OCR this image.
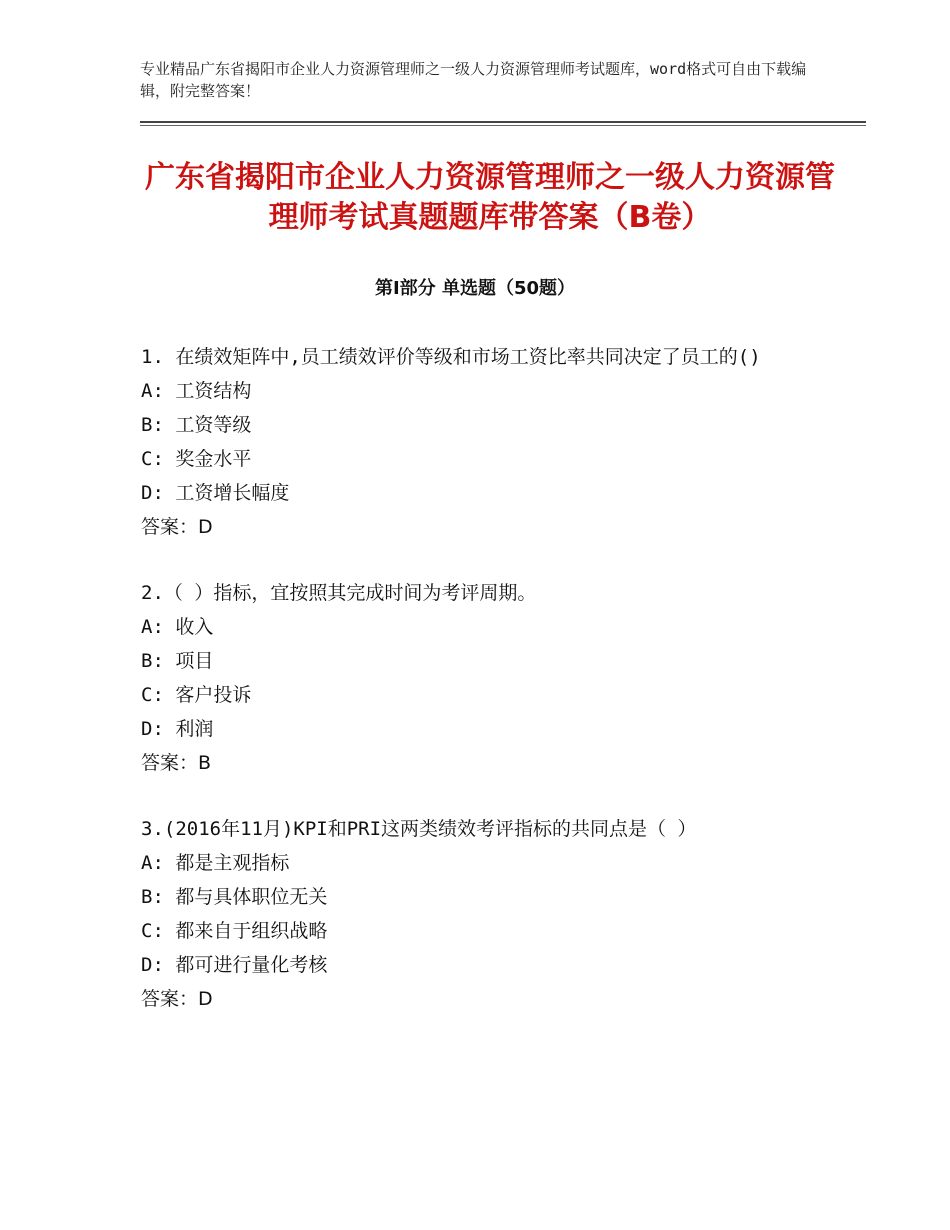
专业精品广东省揭阳市企业人力资源管理师之一级人力资源管理师考试题库，word格式可自由下载编辑，附完整答案！
广东省揭阳市企业人力资源管理师之一级人力资源管理师考试真题题库带答案（B卷）
第Ⅰ部分 单选题（50题）

1. 在绩效矩阵中,员工绩效评价等级和市场工资比率共同决定了员工的()

A: 工资结构

B: 工资等级

C: 奖金水平

D: 工资增长幅度

答案：D

2.（ ）指标，宜按照其完成时间为考评周期。

A: 收入

B: 项目

C: 客户投诉

D: 利润

答案：B

3.(2016年11月)KPI和PRI这两类绩效考评指标的共同点是（ ）

A: 都是主观指标

B: 都与具体职位无关

C: 都来自于组织战略

D: 都可进行量化考核

答案：D
